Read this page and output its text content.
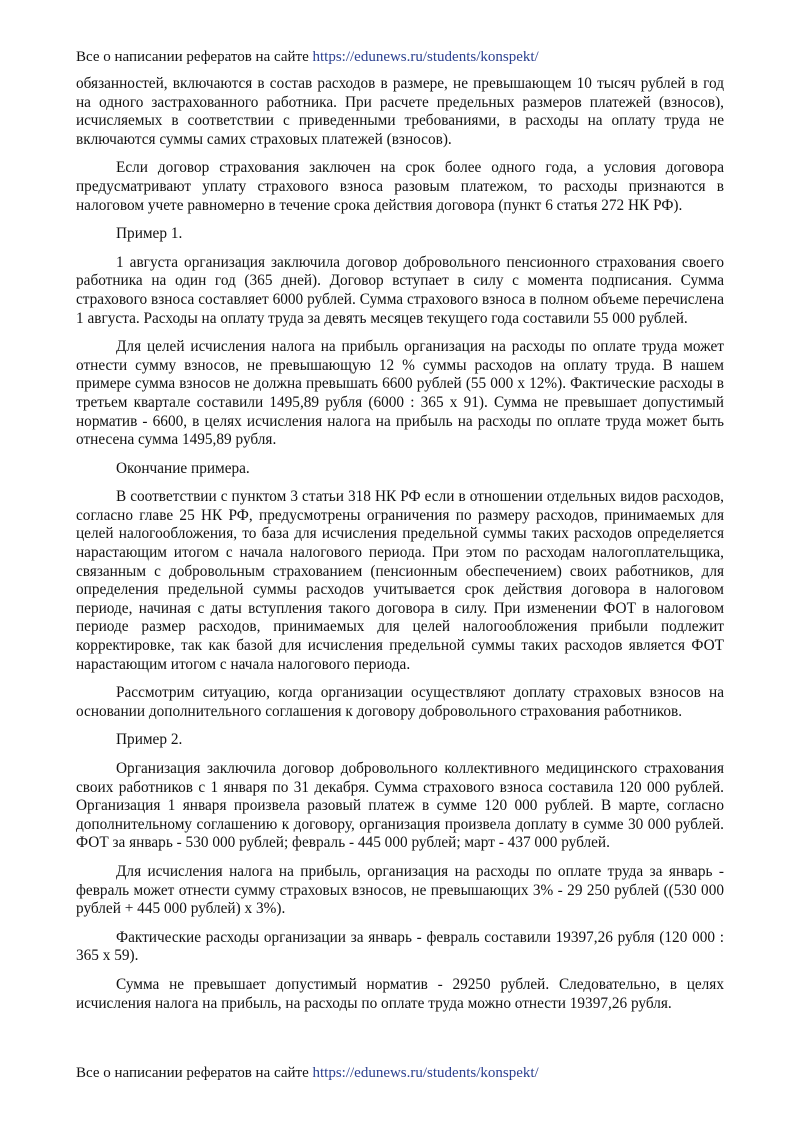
Все о написании рефератов на сайте https://edunews.ru/students/konspekt/

обязанностей, включаются в состав расходов в размере, не превышающем 10 тысяч рублей в год на одного застрахованного работника. При расчете предельных размеров платежей (взносов), исчисляемых в соответствии с приведенными требованиями, в расходы на оплату труда не включаются суммы самих страховых платежей (взносов).

Если договор страхования заключен на срок более одного года, а условия договора предусматривают уплату страхового взноса разовым платежом, то расходы признаются в налоговом учете равномерно в течение срока действия договора (пункт 6 статья 272 НК РФ).

Пример 1.

1 августа организация заключила договор добровольного пенсионного страхования своего работника на один год (365 дней). Договор вступает в силу с момента подписания. Сумма страхового взноса составляет 6000 рублей. Сумма страхового взноса в полном объеме перечислена 1 августа. Расходы на оплату труда за девять месяцев текущего года составили 55 000 рублей.

Для целей исчисления налога на прибыль организация на расходы по оплате труда может отнести сумму взносов, не превышающую 12 % суммы расходов на оплату труда. В нашем примере сумма взносов не должна превышать 6600 рублей (55 000 х 12%). Фактические расходы в третьем квартале составили 1495,89 рубля (6000 : 365 х 91). Сумма не превышает допустимый норматив - 6600, в целях исчисления налога на прибыль на расходы по оплате труда может быть отнесена сумма 1495,89 рубля.

Окончание примера.

В соответствии с пунктом 3 статьи 318 НК РФ если в отношении отдельных видов расходов, согласно главе 25 НК РФ, предусмотрены ограничения по размеру расходов, принимаемых для целей налогообложения, то база для исчисления предельной суммы таких расходов определяется нарастающим итогом с начала налогового периода. При этом по расходам налогоплательщика, связанным с добровольным страхованием (пенсионным обеспечением) своих работников, для определения предельной суммы расходов учитывается срок действия договора в налоговом периоде, начиная с даты вступления такого договора в силу. При изменении ФОТ в налоговом периоде размер расходов, принимаемых для целей налогообложения прибыли подлежит корректировке, так как базой для исчисления предельной суммы таких расходов является ФОТ нарастающим итогом с начала налогового периода.

Рассмотрим ситуацию, когда организации осуществляют доплату страховых взносов на основании дополнительного соглашения к договору добровольного страхования работников.

Пример 2.

Организация заключила договор добровольного коллективного медицинского страхования своих работников с 1 января по 31 декабря. Сумма страхового взноса составила 120 000 рублей. Организация 1 января произвела разовый платеж в сумме 120 000 рублей. В марте, согласно дополнительному соглашению к договору, организация произвела доплату в сумме 30 000 рублей. ФОТ за январь - 530 000 рублей; февраль - 445 000 рублей; март - 437 000 рублей.

Для исчисления налога на прибыль, организация на расходы по оплате труда за январь - февраль может отнести сумму страховых взносов, не превышающих 3% - 29 250 рублей ((530 000 рублей + 445 000 рублей) х 3%).

Фактические расходы организации за январь - февраль составили 19397,26 рубля (120 000 : 365 х 59).

Сумма не превышает допустимый норматив - 29250 рублей. Следовательно, в целях исчисления налога на прибыль, на расходы по оплате труда можно отнести 19397,26 рубля.

Все о написании рефератов на сайте https://edunews.ru/students/konspekt/
